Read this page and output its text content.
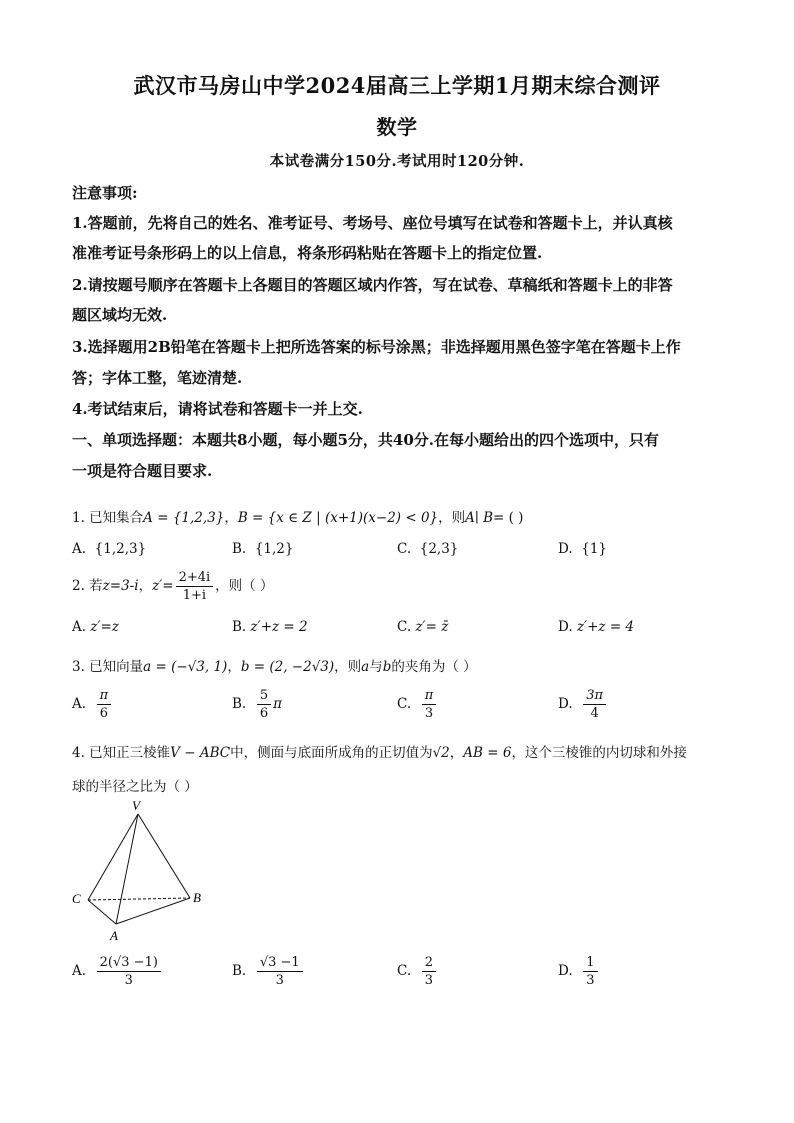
武汉市马房山中学2024届高三上学期1月期末综合测评
数学
本试卷满分150分.考试用时120分钟.
注意事项:
1.答题前，先将自己的姓名、准考证号、考场号、座位号填写在试卷和答题卡上，并认真核
准准考证号条形码上的以上信息，将条形码粘贴在答题卡上的指定位置.
2.请按题号顺序在答题卡上各题目的答题区域内作答，写在试卷、草稿纸和答题卡上的非答
题区域均无效.
3.选择题用2B铅笔在答题卡上把所选答案的标号涂黑；非选择题用黑色签字笔在答题卡上作
答；字体工整，笔迹清楚.
4.考试结束后，请将试卷和答题卡一并上交.
一、单项选择题：本题共8小题，每小题5分，共40分.在每小题给出的四个选项中，只有
一项是符合题目要求.
1. 已知集合A = {1,2,3}，B = {x ∈ Z | (x+1)(x−2) < 0}，则A∣ B= ( )
A. {1,2,3}	B. {1,2}	C. {2,3}	D. {1}
2. 若z=3-i，$z'= \frac{2+4i}{1+i}$ ，则（ ）
A. z′=z	B. z′+z = 2	C. z′= z̄	D. z′+z = 4
3. 已知向量a = (−√3, 1)，b = (2, −2√3)，则a与b的夹角为（ ）
A. $\frac{\pi}{6}$	B. $\frac{5}{6}$ π	C. $\frac{\pi}{3}$	D. $\frac{3\pi}{4}$
4. 已知正三棱锥V − ABC中，侧面与底面所成角的正切值为√2，AB = 6，这个三棱锥的内切球和外接
球的半径之比为（ ）
V
C	B
A
A. $\frac{2(√3 -1)}{3}$	B. $\frac{√3 -1}{3}$	C. $\frac{2}{3}$	D. $\frac{1}{3}$
